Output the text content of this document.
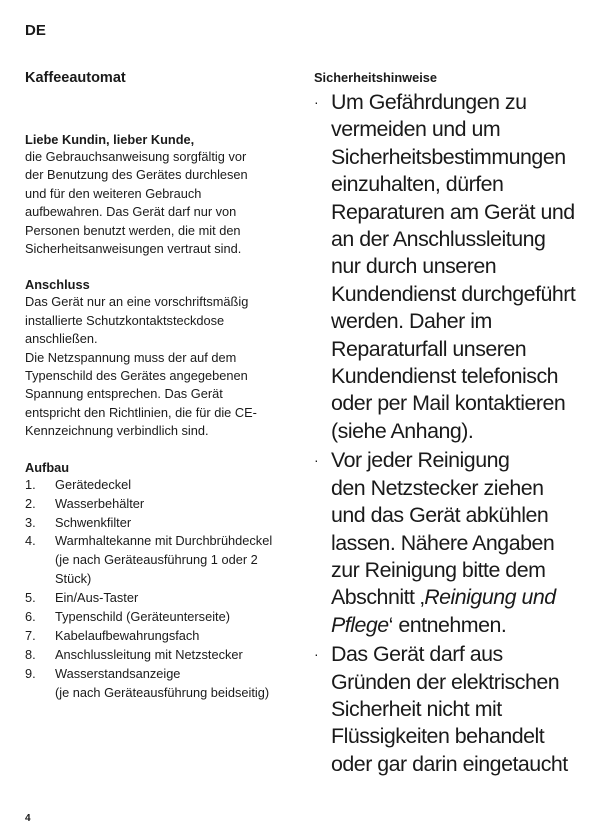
DE
Kaffeeautomat
Liebe Kundin, lieber Kunde,
die Gebrauchsanweisung sorgfältig vor
der Benutzung des Gerätes durchlesen
und für den weiteren Gebrauch
aufbewahren. Das Gerät darf nur von
Personen benutzt werden, die mit den
Sicherheitsanweisungen vertraut sind.
Anschluss
Das Gerät nur an eine vorschriftsmäßig
installierte Schutzkontaktsteckdose
anschließen.
Die Netzspannung muss der auf dem
Typenschild des Gerätes angegebenen
Spannung entsprechen. Das Gerät
entspricht den Richtlinien, die für die CE-
Kennzeichnung verbindlich sind.
Aufbau
1.	Gerätedeckel
2.	Wasserbehälter
3.	Schwenkfilter
4.	Warmhaltekanne mit Durchbrühdeckel
(je nach Geräteausführung 1 oder 2
Stück)
5.	Ein/Aus-Taster
6.	Typenschild (Geräteunterseite)
7.	Kabelaufbewahrungsfach
8.	Anschlussleitung mit Netzstecker
9.	Wasserstandsanzeige
(je nach Geräteausführung beidseitig)
Sicherheitshinweise
· Um Gefährdungen zu
vermeiden und um
Sicherheitsbestimmungen
einzuhalten, dürfen
Reparaturen am Gerät und
an der Anschlussleitung
nur durch unseren
Kundendienst durchgeführt
werden. Daher im
Reparaturfall unseren
Kundendienst telefonisch
oder per Mail kontaktieren
(siehe Anhang).
· Vor jeder Reinigung
den Netzstecker ziehen
und das Gerät abkühlen
lassen. Nähere Angaben
zur Reinigung bitte dem
Abschnitt ‚Reinigung und
Pflege‘ entnehmen.
· Das Gerät darf aus
Gründen der elektrischen
Sicherheit nicht mit
Flüssigkeiten behandelt
oder gar darin eingetaucht
4
